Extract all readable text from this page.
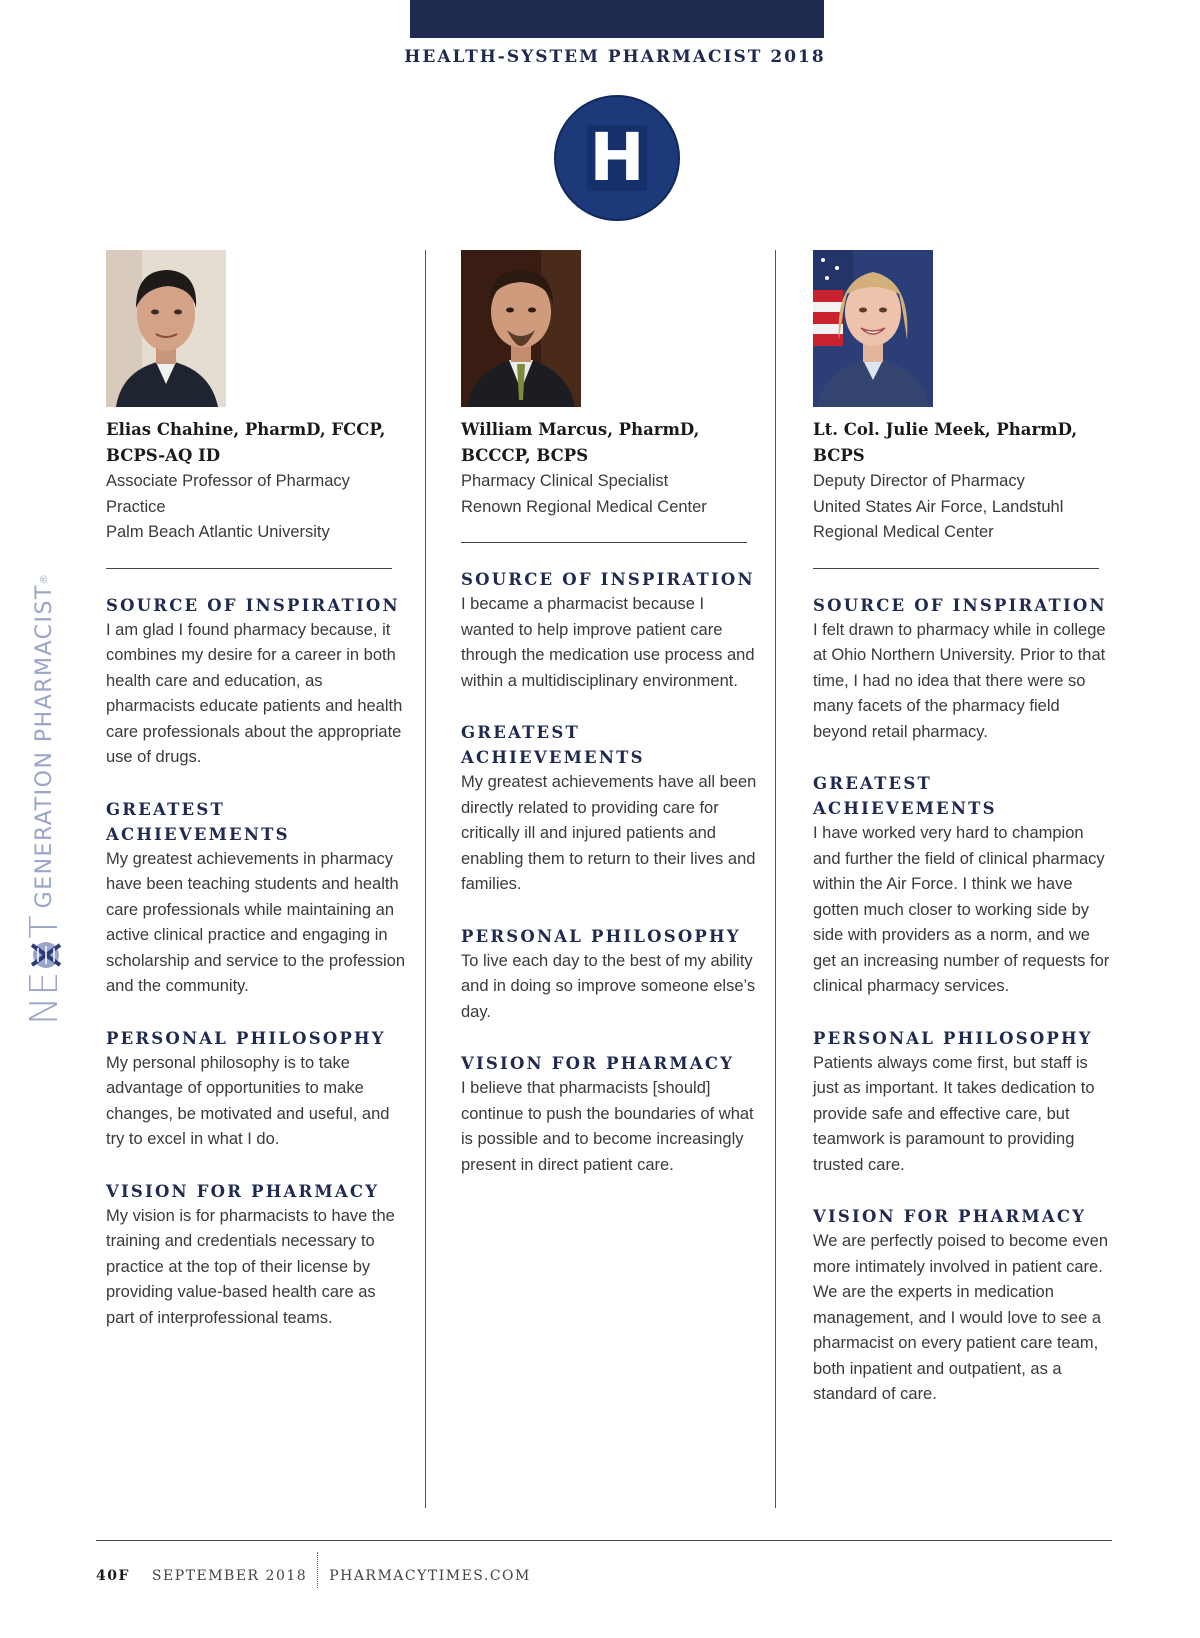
HEALTH-SYSTEM PHARMACIST 2018
H
NE
T
GENERATION PHARMACIST
®
Elias Chahine, PharmD, FCCP,
BCPS-AQ ID
Associate Professor of Pharmacy Practice
Palm Beach Atlantic University
SOURCE OF INSPIRATION
I am glad I found pharmacy because, it combines my desire for a career in both health care and education, as pharmacists educate patients and health care professionals about the appropriate use of drugs.
GREATEST ACHIEVEMENTS
My greatest achievements in pharmacy have been teaching students and health care professionals while maintaining an active clinical practice and engaging in scholarship and service to the profession and the community.
PERSONAL PHILOSOPHY
My personal philosophy is to take advantage of opportunities to make changes, be motivated and useful, and try to excel in what I do.
VISION FOR PHARMACY
My vision is for pharmacists to have the training and credentials necessary to practice at the top of their license by providing value-based health care as part of interprofessional teams.
William Marcus, PharmD,
BCCCP, BCPS
Pharmacy Clinical Specialist
Renown Regional Medical Center
SOURCE OF INSPIRATION
I became a pharmacist because I wanted to help improve patient care through the medication use process and within a multidisciplinary environment.
GREATEST ACHIEVEMENTS
My greatest achievements have all been directly related to providing care for critically ill and injured patients and enabling them to return to their lives and families.
PERSONAL PHILOSOPHY
To live each day to the best of my ability and in doing so improve someone else’s day.
VISION FOR PHARMACY
I believe that pharmacists [should] continue to push the boundaries of what is possible and to become increasingly present in direct patient care.
Lt. Col. Julie Meek, PharmD, BCPS
Deputy Director of Pharmacy
United States Air Force, Landstuhl Regional Medical Center
SOURCE OF INSPIRATION
I felt drawn to pharmacy while in college at Ohio Northern University. Prior to that time, I had no idea that there were so many facets of the pharmacy field beyond retail pharmacy.
GREATEST ACHIEVEMENTS
I have worked very hard to champion and further the field of clinical pharmacy within the Air Force. I think we have gotten much closer to working side by side with providers as a norm, and we get an increasing number of requests for clinical pharmacy services.
PERSONAL PHILOSOPHY
Patients always come first, but staff is just as important. It takes dedication to provide safe and effective care, but teamwork is paramount to providing trusted care.
VISION FOR PHARMACY
We are perfectly poised to become even more intimately involved in patient care. We are the experts in medication management, and I would love to see a pharmacist on every patient care team, both inpatient and outpatient, as a standard of care.
40F SEPTEMBER 2018 PHARMACYTIMES.COM
